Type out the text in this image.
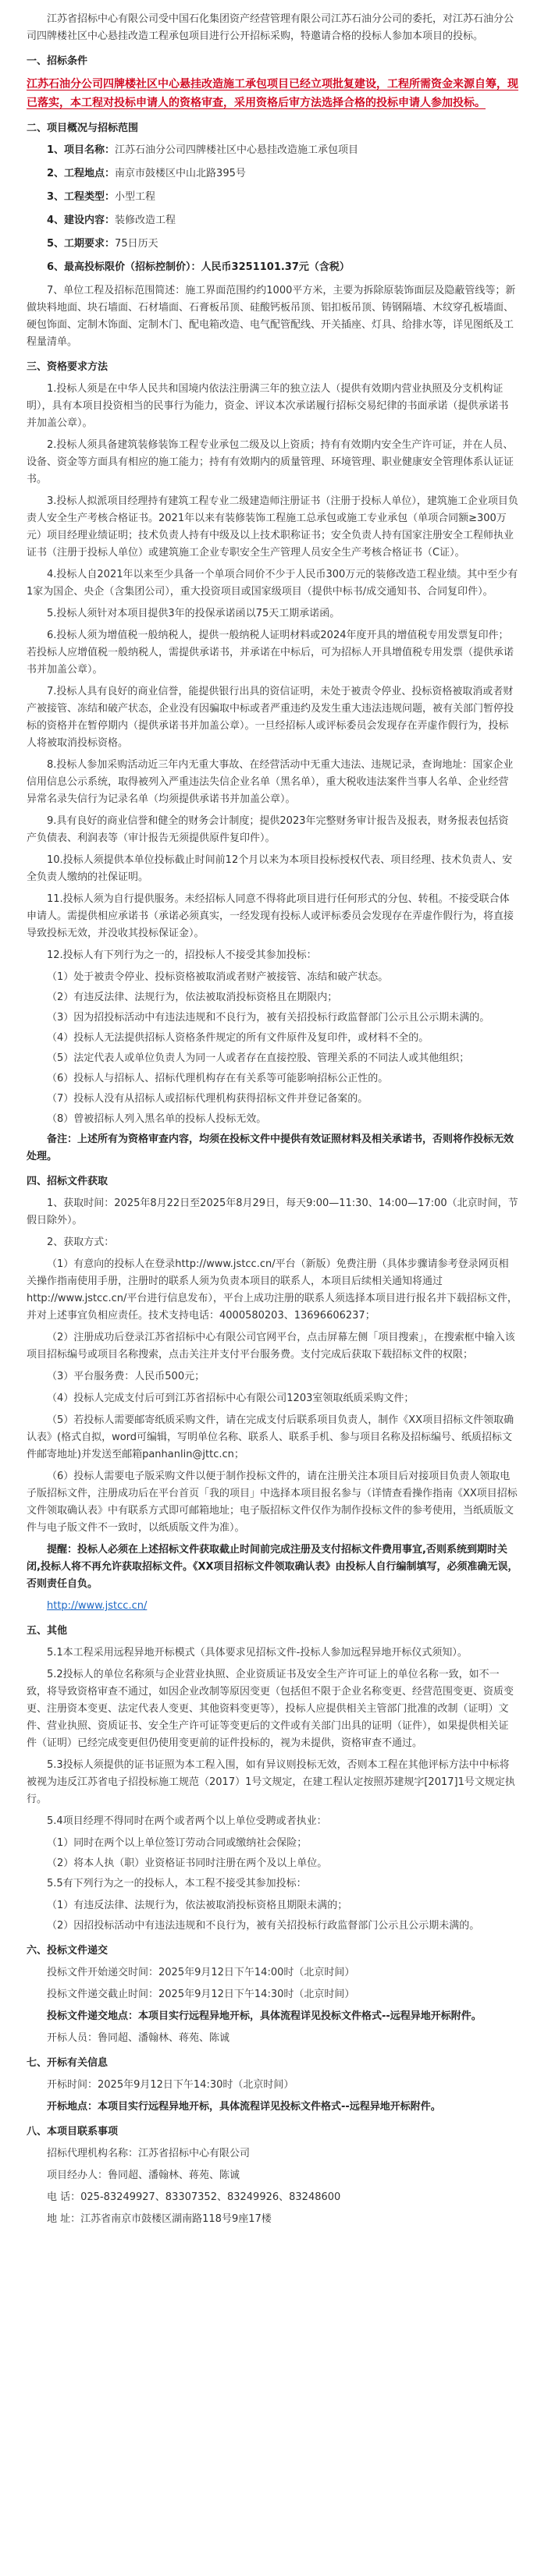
江苏省招标中心有限公司受中国石化集团资产经营管理有限公司江苏石油分公司的委托，对江苏石油分公司四牌楼社区中心悬挂改造工程承包项目进行公开招标采购，特邀请合格的投标人参加本项目的投标。

一、招标条件

江苏石油分公司四牌楼社区中心悬挂改造施工承包项目已经立项批复建设，工程所需资金来源自筹，现已落实，本工程对投标申请人的资格审查，采用资格后审方法选择合格的投标申请人参加投标。

二、项目概况与招标范围

1、项目名称：江苏石油分公司四牌楼社区中心悬挂改造施工承包项目

2、工程地点：南京市鼓楼区中山北路395号

3、工程类型：小型工程

4、建设内容：装修改造工程

5、工期要求：75日历天

6、最高投标限价（招标控制价）：人民币3251101.37元（含税）

7、单位工程及招标范围简述：施工界面范围约约1000平方米，主要为拆除原装饰面层及隐蔽管线等；新做块料地面、块石墙面、石材墙面、石膏板吊顶、硅酸钙板吊顶、铝扣板吊顶、铸钢隔墙、木纹穿孔板墙面、硬包饰面、定制木饰面、定制木门、配电箱改造、电气配管配线、开关插座、灯具、给排水等，详见图纸及工程量清单。

三、资格要求方法

1.投标人须是在中华人民共和国境内依法注册满三年的独立法人（提供有效期内营业执照及分支机构证明），具有本项目投资相当的民事行为能力，资金、评议本次承诺履行招标交易纪律的书面承诺（提供承诺书并加盖公章）。

2.投标人须具备建筑装修装饰工程专业承包二级及以上资质；持有有效期内安全生产许可证，并在人员、设备、资金等方面具有相应的施工能力；持有有效期内的质量管理、环境管理、职业健康安全管理体系认证证书。

3.投标人拟派项目经理持有建筑工程专业二级建造师注册证书（注册于投标人单位），建筑施工企业项目负责人安全生产考核合格证书。2021年以来有装修装饰工程施工总承包或施工专业承包（单项合同额≥300万元）项目经理业绩证明；技术负责人持有中级及以上技术职称证书；安全负责人持有国家注册安全工程师执业证书（注册于投标人单位）或建筑施工企业专职安全生产管理人员安全生产考核合格证书（C证）。

4.投标人自2021年以来至少具备一个单项合同价不少于人民币300万元的装修改造工程业绩。其中至少有1家为国企、央企（含集团公司），重大投资项目或国家级项目（提供中标书/成交通知书、合同复印件）。

5.投标人须针对本项目提供3年的投保承诺函以75天工期承诺函。

6.投标人须为增值税一般纳税人，提供一般纳税人证明材料或2024年度开具的增值税专用发票复印件；若投标人应增值税一般纳税人，需提供承诺书，并承诺在中标后，可为招标人开具增值税专用发票（提供承诺书并加盖公章）。

7.投标人具有良好的商业信誉，能提供银行出具的资信证明，未处于被责令停业、投标资格被取消或者财产被接管、冻结和破产状态，企业没有因骗取中标或者严重违约及发生重大违法违规问题，被有关部门暂停投标的资格并在暂停期内（提供承诺书并加盖公章）。一旦经招标人或评标委员会发现存在弄虚作假行为，投标人将被取消投标资格。

8.投标人参加采购活动近三年内无重大事故、在经营活动中无重大违法、违规记录，查询地址：国家企业信用信息公示系统，取得被列入严重违法失信企业名单（黑名单），重大税收违法案件当事人名单、企业经营异常名录失信行为记录名单（均须提供承诺书并加盖公章）。

9.具有良好的商业信誉和健全的财务会计制度；提供2023年完整财务审计报告及报表，财务报表包括资产负债表、利润表等（审计报告无须提供原件复印件）。

10.投标人须提供本单位投标截止时间前12个月以来为本项目投标授权代表、项目经理、技术负责人、安全负责人缴纳的社保证明。

11.投标人须为自行提供服务。未经招标人同意不得将此项目进行任何形式的分包、转租。不接受联合体申请人。需提供相应承诺书（承诺必须真实，一经发现有投标人或评标委员会发现存在弄虚作假行为，将直接导致投标无效，并没收其投标保证金）。

12.投标人有下列行为之一的，招投标人不接受其参加投标：

（1）处于被责令停业、投标资格被取消或者财产被接管、冻结和破产状态。

（2）有违反法律、法规行为，依法被取消投标资格且在期限内；

（3）因为招投标活动中有违法违规和不良行为，被有关招投标行政监督部门公示且公示期未满的。

（4）投标人无法提供招标人资格条件规定的所有文件原件及复印件，或材料不全的。

（5）法定代表人或单位负责人为同一人或者存在直接控股、管理关系的不同法人或其他组织；

（6）投标人与招标人、招标代理机构存在有关系等可能影响招标公正性的。

（7）投标人没有从招标人或招标代理机构获得招标文件并登记备案的。

（8）曾被招标人列入黑名单的投标人投标无效。

备注：上述所有为资格审查内容，均须在投标文件中提供有效证照材料及相关承诺书，否则将作投标无效处理。

四、招标文件获取

1、获取时间：2025年8月22日至2025年8月29日，每天9:00—11:30、14:00—17:00（北京时间，节假日除外）。

2、获取方式：

（1）有意向的投标人在登录http://www.jstcc.cn/平台（新版）免费注册（具体步骤请参考登录网页相关操作指南使用手册，注册时的联系人须为负责本项目的联系人，本项目后续相关通知将通过http://www.jstcc.cn/平台进行信息发布），平台上成功注册的联系人须选择本项目进行报名并下载招标文件，并对上述事宜负相应责任。技术支持电话：4000580203、13696606237；

（2）注册成功后登录江苏省招标中心有限公司官网平台，点击屏幕左侧「项目搜索」，在搜索框中输入该项目招标编号或项目名称搜索，点击关注并支付平台服务费。支付完成后获取下载招标文件的权限；

（3）平台服务费：人民币500元；

（4）投标人完成支付后可到江苏省招标中心有限公司1203室领取纸质采购文件；

（5）若投标人需要邮寄纸质采购文件，请在完成支付后联系项目负责人，制作《XX项目招标文件领取确认表》(格式自拟，word可编辑，写明单位名称、联系人、联系手机、参与项目名称及招标编号、纸质招标文件邮寄地址)并发送至邮箱panhanlin@jttc.cn；

（6）投标人需要电子版采购文件以便于制作投标文件的，请在注册关注本项目后对接项目负责人领取电子版招标文件，注册成功后在平台首页「我的项目」中选择本项目报名参与（详情查看操作指南《XX项目招标文件领取确认表》中有联系方式即可邮箱地址；电子版招标文件仅作为制作投标文件的参考使用，当纸质版文件与电子版文件不一致时，以纸质版文件为准）。

提醒：投标人必须在上述招标文件获取截止时间前完成注册及支付招标文件费用事宜,否则系统到期时关闭,投标人将不再允许获取招标文件。《XX项目招标文件领取确认表》由投标人自行编制填写，必须准确无误，否则责任自负。

http://www.jstcc.cn/

五、其他

5.1本工程采用远程异地开标模式（具体要求见招标文件-投标人参加远程异地开标仪式须知）。

5.2投标人的单位名称须与企业营业执照、企业资质证书及安全生产许可证上的单位名称一致，如不一致，将导致资格审查不通过，如因企业改制等原因变更（包括但不限于企业名称变更、经营范围变更、资质变更、注册资本变更、法定代表人变更、其他资料变更等），投标人应提供相关主管部门批准的改制（证明）文件、营业执照、资质证书、安全生产许可证等变更后的文件或有关部门出具的证明（证件），如果提供相关证件（证明）已经完成变更但仍使用变更前的证件投标的，视为未提供，资格审查不通过。

5.3投标人须提供的证书证照为本工程入围，如有异议则投标无效，否则本工程在其他评标方法中中标将被视为违反江苏省电子招投标施工规范（2017）1号文规定，在建工程认定按照苏建规字[2017]1号文规定执行。

5.4项目经理不得同时在两个或者两个以上单位受聘或者执业：

（1）同时在两个以上单位签订劳动合同或缴纳社会保险；

（2）将本人执（职）业资格证书同时注册在两个及以上单位。

5.5有下列行为之一的投标人，本工程不接受其参加投标：

（1）有违反法律、法规行为，依法被取消投标资格且期限未满的；

（2）因招投标活动中有违法违规和不良行为，被有关招投标行政监督部门公示且公示期未满的。

六、投标文件递交

投标文件开始递交时间：2025年9月12日下午14:00时（北京时间）

投标文件递交截止时间：2025年9月12日下午14:30时（北京时间）

投标文件递交地点：本项目实行远程异地开标，具体流程详见投标文件格式--远程异地开标附件。

开标人员：鲁同超、潘翰林、蒋苑、陈诚

七、开标有关信息

开标时间：2025年9月12日下午14:30时（北京时间）

开标地点：本项目实行远程异地开标，具体流程详见投标文件格式--远程异地开标附件。

八、本项目联系事项

招标代理机构名称：江苏省招标中心有限公司

项目经办人：鲁同超、潘翰林、蒋苑、陈诚

电 话：025-83249927、83307352、83249926、83248600

地 址：江苏省南京市鼓楼区湖南路118号9座17楼
